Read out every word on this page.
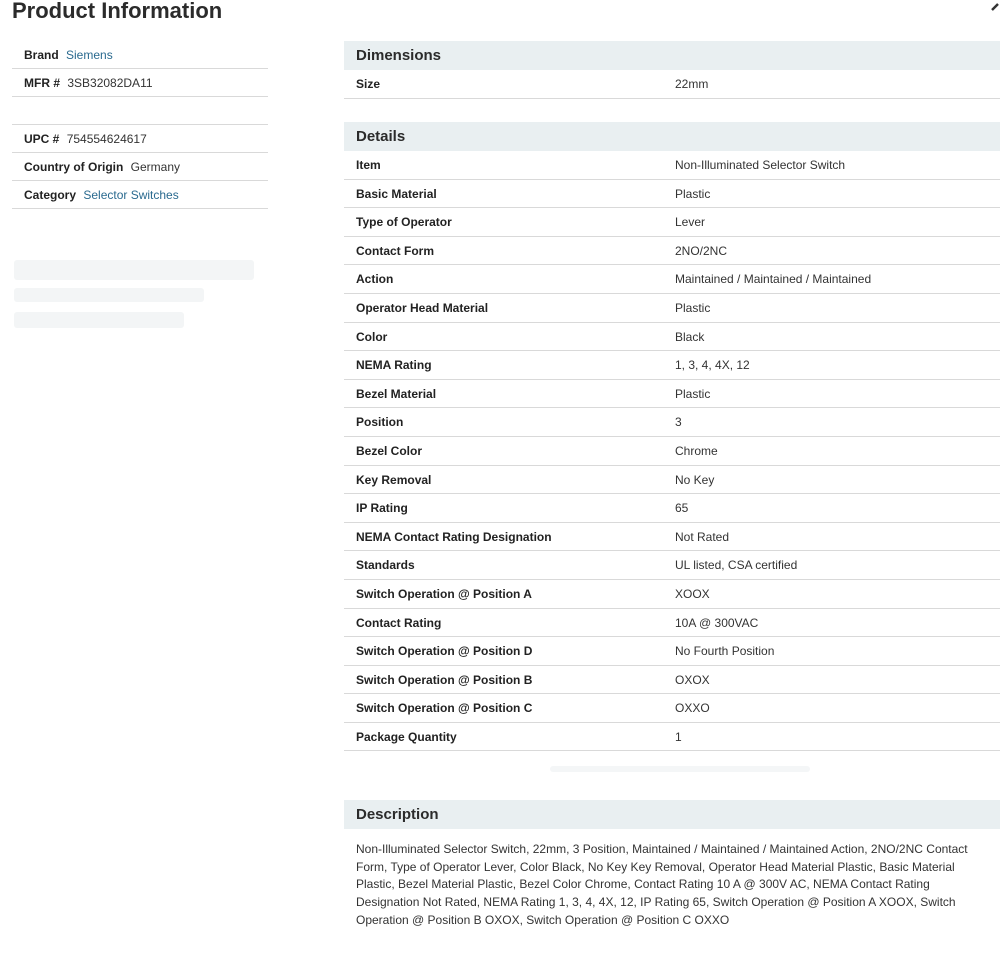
Product Information
Brand Siemens
MFR # 3SB32082DA11
UPC # 754554624617
Country of Origin Germany
Category Selector Switches
Dimensions
Size	22mm
Details
Item	Non-Illuminated Selector Switch
Basic Material	Plastic
Type of Operator	Lever
Contact Form	2NO/2NC
Action	Maintained / Maintained / Maintained
Operator Head Material	Plastic
Color	Black
NEMA Rating	1, 3, 4, 4X, 12
Bezel Material	Plastic
Position	3
Bezel Color	Chrome
Key Removal	No Key
IP Rating	65
NEMA Contact Rating Designation	Not Rated
Standards	UL listed, CSA certified
Switch Operation @ Position A	XOOX
Contact Rating	10A @ 300VAC
Switch Operation @ Position D	No Fourth Position
Switch Operation @ Position B	OXOX
Switch Operation @ Position C	OXXO
Package Quantity	1
Description
Non-Illuminated Selector Switch, 22mm, 3 Position, Maintained / Maintained / Maintained Action, 2NO/2NC Contact Form, Type of Operator Lever, Color Black, No Key Key Removal, Operator Head Material Plastic, Basic Material Plastic, Bezel Material Plastic, Bezel Color Chrome, Contact Rating 10 A @ 300V AC, NEMA Contact Rating Designation Not Rated, NEMA Rating 1, 3, 4, 4X, 12, IP Rating 65, Switch Operation @ Position A XOOX, Switch Operation @ Position B OXOX, Switch Operation @ Position C OXXO
